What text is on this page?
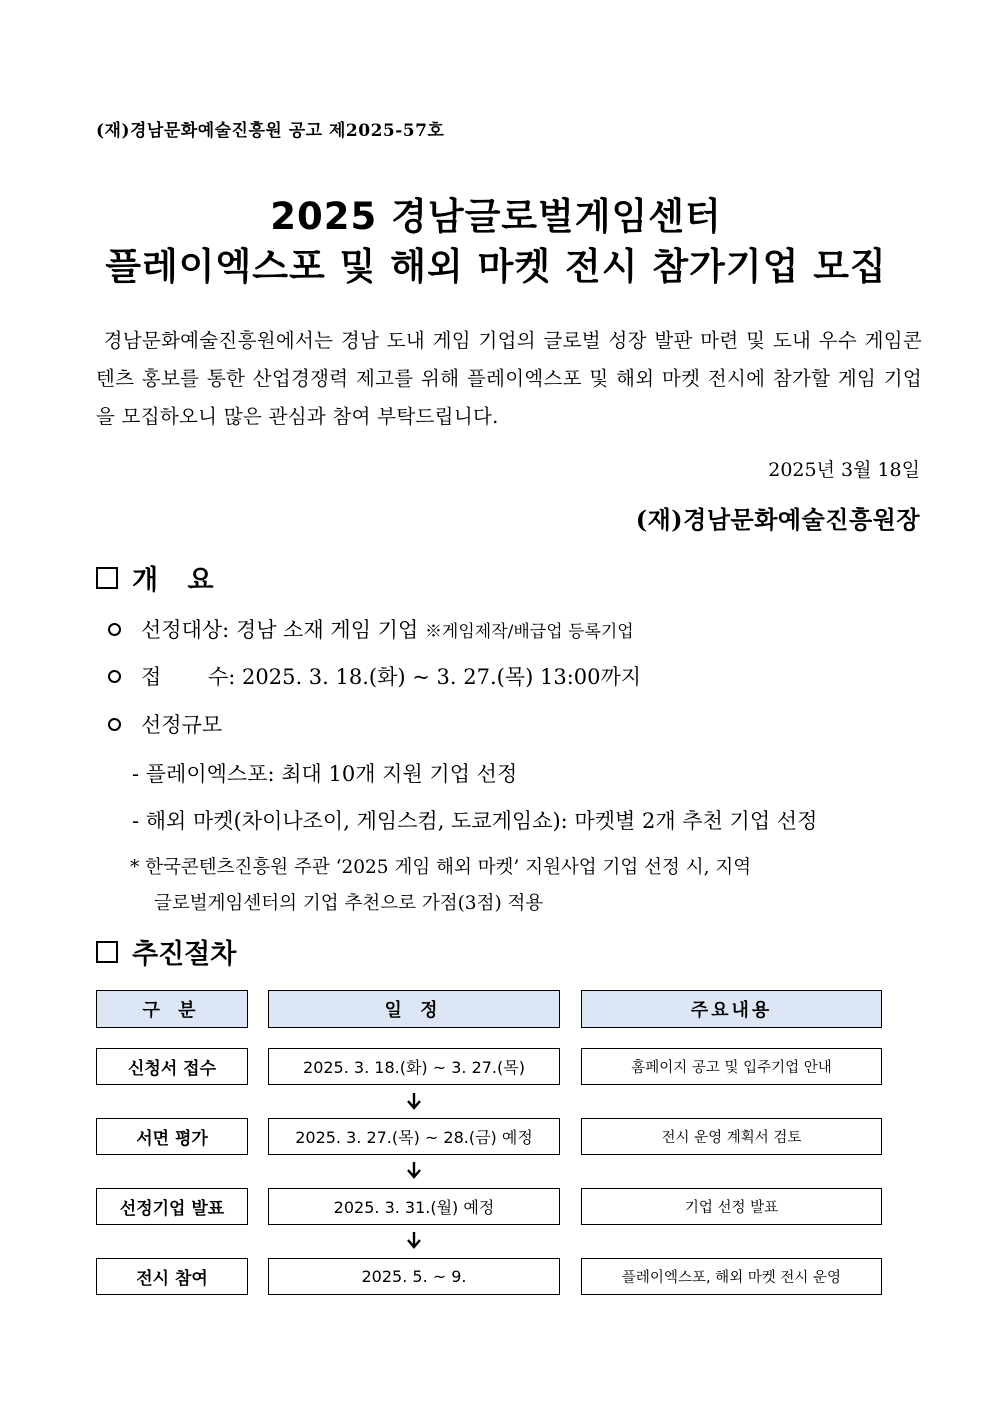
(재)경남문화예술진흥원 공고 제2025-57호
2025 경남글로벌게임센터
플레이엑스포 및 해외 마켓 전시 참가기업 모집
경남문화예술진흥원에서는 경남 도내 게임 기업의 글로벌 성장 발판 마련 및 도내 우수 게임콘텐츠 홍보를 통한 산업경쟁력 제고를 위해 플레이엑스포 및 해외 마켓 전시에 참가할 게임 기업을 모집하오니 많은 관심과 참여 부탁드립니다.
2025년 3월 18일
(재)경남문화예술진흥원장
개 요
선정대상:
경남 소재 게임 기업
※게임제작/배급업 등록기업
접 수:
2025. 3. 18.(화) ~ 3. 27.(목) 13:00까지
선정규모
- 플레이엑스포: 최대 10개 지원 기업 선정
- 해외 마켓(차이나조이, 게임스컴, 도쿄게임쇼): 마켓별 2개 추천 기업 선정
* 한국콘텐츠진흥원 주관 ‘2025 게임 해외 마켓’ 지원사업 기업 선정 시, 지역
글로벌게임센터의 기업 추천으로 가점(3점) 적용
추진절차
구 분	일 정	주요내용
신청서 접수	2025. 3. 18.(화) ~ 3. 27.(목)	홈페이지 공고 및 입주기업 안내
서면 평가	2025. 3. 27.(목) ~ 28.(금) 예정	전시 운영 계획서 검토
선정기업 발표	2025. 3. 31.(월) 예정	기업 선정 발표
전시 참여	2025. 5. ~ 9.	플레이엑스포, 해외 마켓 전시 운영
